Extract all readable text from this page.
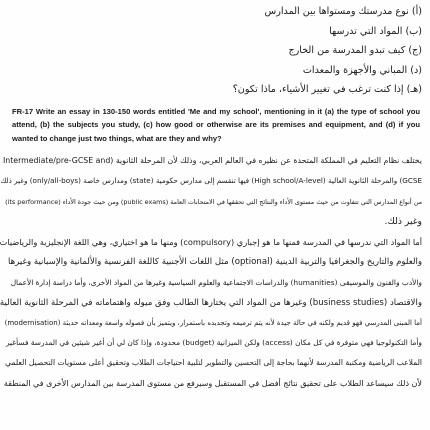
(أ) نوع مدرستك ومستواها بين المدارس

(ب) المواد التي تدرسها

(ج) كيف تبدو المدرسة من الخارج

(د) المباني والأجهزة والمعدات

(هـ) إذا كنت ترغب في تغيير الأشياء، ماذا تكون؟

FR-17 Write an essay in 130-150 words entitled 'Me and my school', mentioning in it (a) the type of school you attend, (b) the subjects you study, (c) how good or otherwise are its premises and equipment, and (d) if you wanted to change just two things, what are they and why?

يختلف نظام التعليم في المملكة المتحدة عن نظيره في العالم العربي، وذلك لأن المرحلة الثانوية (Intermediate/pre-GCSE and

GCSE) والمرحلة الثانوية العالية (High school/A-level) فيها تنقسم إلى مدارس حكومية (state) ومدارس خاصة (only/all-boys) وغير ذلك

من أنواع المدارس التي تتفاوت من حيث مستوى الأداء والنتائج التي تحققها في الامتحانات العامة (public exams) ومن حيث جودة الأداء (its performance)

وغير ذلك.

أما المواد التي ندرسها في المدرسة فمنها ما هو إجباري (compulsory) ومنها ما هو اختياري، وهي اللغة الإنجليزية والرياضيات

والعلوم والتاريخ والجغرافيا والتربية الدينية (optional) مثل اللغات الأجنبية كاللغة الفرنسية والألمانية والإسبانية وغيرها

والأدب والفنون والموسيقى (humanities) والدراسات الاجتماعية والعلوم السياسية وغيرها من المواد الأخرى، وأما دراسة إدارة الأعمال

والاقتصاد (business studies) وغيرها من المواد التي يختارها الطالب وفق ميوله واهتماماته في المرحلة الثانوية العالية

أما المبنى المدرسي فهو قديم ولكنه في حالة جيدة لأنه يتم ترميمه وتجديده باستمرار، ويتميز بأن فصوله واسعة ومعداته حديثة (modernisation)

وأما التكنولوجيا فهي متوفرة في كل مكان (access) ولكن الميزانية (budget) محدودة، وإذا كان لي أن أغير شيئين في المدرسة فسأغير

الملاعب الرياضية ومكتبة المدرسة لأنهما بحاجة إلى التحسين والتطوير لتلبية احتياجات الطلاب وتحقيق أعلى مستويات التحصيل العلمي

لأن ذلك سيساعد الطلاب على تحقيق نتائج أفضل في المستقبل وسيرفع من مستوى المدرسة بين المدارس الأخرى في المنطقة
